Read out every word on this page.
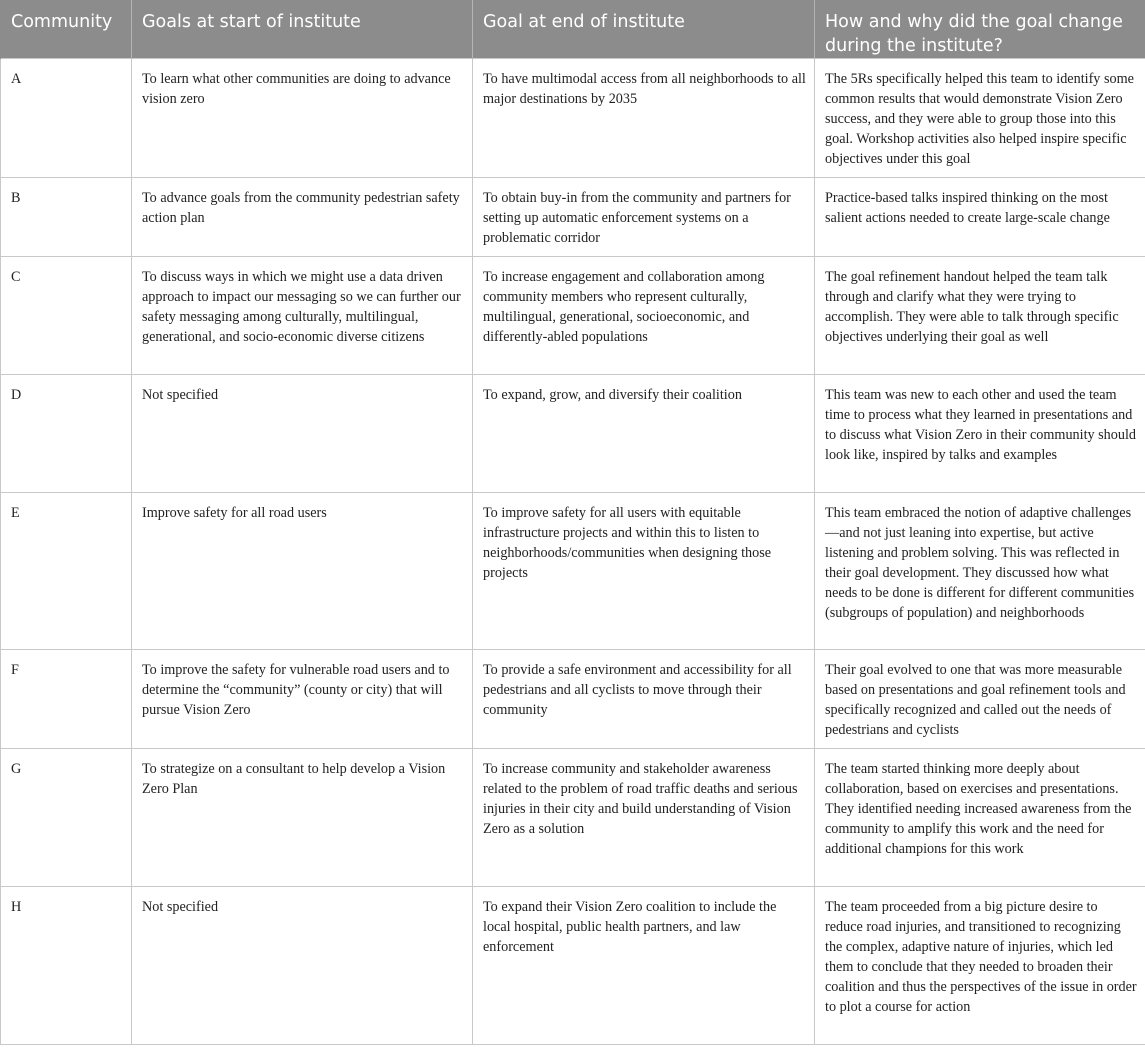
Community	Goals at start of institute	Goal at end of institute	How and why did the goal change during the institute?
A	To learn what other communities are doing to advance vision zero	To have multimodal access from all neighborhoods to all major destinations by 2035	The 5Rs specifically helped this team to identify some common results that would demonstrate Vision Zero success, and they were able to group those into this goal. Workshop activities also helped inspire specific objectives under this goal
B	To advance goals from the community pedestrian safety action plan	To obtain buy-in from the community and partners for setting up automatic enforcement systems on a problematic corridor	Practice-based talks inspired thinking on the most salient actions needed to create large-scale change
C	To discuss ways in which we might use a data driven approach to impact our messaging so we can further our safety messaging among culturally, multilingual, generational, and socio-economic diverse citizens	To increase engagement and collaboration among community members who represent culturally, multilingual, generational, socioeconomic, and differently-abled populations	The goal refinement handout helped the team talk through and clarify what they were trying to accomplish. They were able to talk through specific objectives underlying their goal as well
D	Not specified	To expand, grow, and diversify their coalition	This team was new to each other and used the team time to process what they learned in presentations and to discuss what Vision Zero in their community should look like, inspired by talks and examples
E	Improve safety for all road users	To improve safety for all users with equitable infrastructure projects and within this to listen to neighborhoods/communities when designing those projects	This team embraced the notion of adaptive challenges—and not just leaning into expertise, but active listening and problem solving. This was reflected in their goal development. They discussed how what needs to be done is different for different communities (subgroups of population) and neighborhoods
F	To improve the safety for vulnerable road users and to determine the “community” (county or city) that will pursue Vision Zero	To provide a safe environment and accessibility for all pedestrians and all cyclists to move through their community	Their goal evolved to one that was more measurable based on presentations and goal refinement tools and specifically recognized and called out the needs of pedestrians and cyclists
G	To strategize on a consultant to help develop a Vision Zero Plan	To increase community and stakeholder awareness related to the problem of road traffic deaths and serious injuries in their city and build understanding of Vision Zero as a solution	The team started thinking more deeply about collaboration, based on exercises and presentations. They identified needing increased awareness from the community to amplify this work and the need for additional champions for this work
H	Not specified	To expand their Vision Zero coalition to include the local hospital, public health partners, and law enforcement	The team proceeded from a big picture desire to reduce road injuries, and transitioned to recognizing the complex, adaptive nature of injuries, which led them to conclude that they needed to broaden their coalition and thus the perspectives of the issue in order to plot a course for action
